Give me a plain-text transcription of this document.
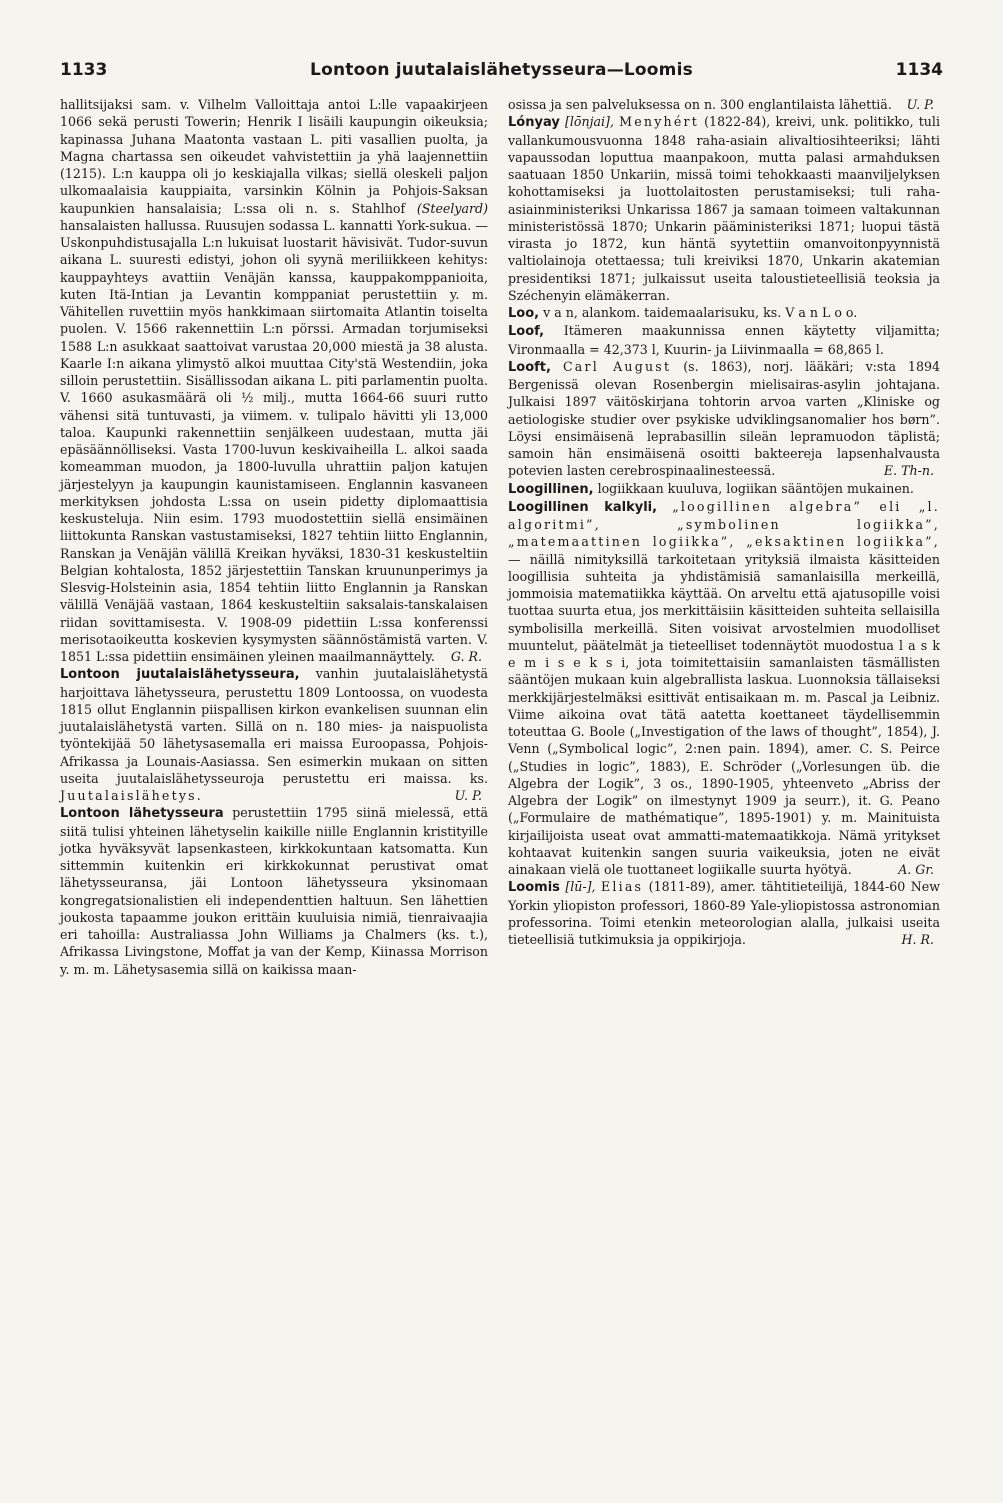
1133	Lontoon juutalaislähetysseura—Loomis	1134

hallitsijaksi sam. v. Vilhelm Valloittaja antoi L:lle vapaakirjeen 1066 sekä perusti Towerin; Henrik I lisäili kaupungin oikeuksia; kapinassa Juhana Maatonta vastaan L. piti vasallien puolta, ja Magna chartassa sen oikeudet vahvistettiin ja yhä laajennettiin (1215). L:n kauppa oli jo keskiajalla vilkas; siellä oleskeli paljon ulkomaalaisia kauppiaita, varsinkin Kölnin ja Pohjois-Saksan kaupunkien hansalaisia; L:ssa oli n. s. Stahlhof (Steelyard) hansalaisten hallussa. Ruusujen sodassa L. kannatti York-sukua. — Uskonpuhdistusajalla L:n lukuisat luostarit hävisivät. Tudor-suvun aikana L. suuresti edistyi, johon oli syynä meriliikkeen kehitys: kauppayhteys avattiin Venäjän kanssa, kauppakomppanioita, kuten Itä-Intian ja Levantin komppaniat perustettiin y. m. Vähitellen ruvettiin myös hankkimaan siirtomaita Atlantin toiselta puolen. V. 1566 rakennettiin L:n pörssi. Armadan torjumiseksi 1588 L:n asukkaat saattoivat varustaa 20,000 miestä ja 38 alusta. Kaarle I:n aikana ylimystö alkoi muuttaa City'stä Westendiin, joka silloin perustettiin. Sisällissodan aikana L. piti parlamentin puolta. V. 1660 asukasmäärä oli ½ milj., mutta 1664-66 suuri rutto vähensi sitä tuntuvasti, ja viimem. v. tulipalo hävitti yli 13,000 taloa. Kaupunki rakennettiin senjälkeen uudestaan, mutta jäi epäsäännölliseksi. Vasta 1700-luvun keskivaiheilla L. alkoi saada komeamman muodon, ja 1800-luvulla uhrattiin paljon katujen järjestelyyn ja kaupungin kaunistamiseen. Englannin kasvaneen merkityksen johdosta L:ssa on usein pidetty diplomaattisia keskusteluja. Niin esim. 1793 muodostettiin siellä ensimäinen liittokunta Ranskan vastustamiseksi, 1827 tehtiin liitto Englannin, Ranskan ja Venäjän välillä Kreikan hyväksi, 1830-31 keskusteltiin Belgian kohtalosta, 1852 järjestettiin Tanskan kruununperimys ja Slesvig-Holsteinin asia, 1854 tehtiin liitto Englannin ja Ranskan välillä Venäjää vastaan, 1864 keskusteltiin saksalais-tanskalaisen riidan sovittamisesta. V. 1908-09 pidettiin L:ssa konferenssi merisotaoikeutta koskevien kysymysten säännöstämistä varten. V. 1851 L:ssa pidettiin ensimäinen yleinen maailmannäyttely. G. R.

Lontoon juutalaislähetysseura, vanhin juutalaislähetystä harjoittava lähetysseura, perustettu 1809 Lontoossa, on vuodesta 1815 ollut Englannin piispallisen kirkon evankelisen suunnan elin juutalaislähetystä varten. Sillä on n. 180 mies- ja naispuolista työntekijää 50 lähetysasemalla eri maissa Euroopassa, Pohjois-Afrikassa ja Lounais-Aasiassa. Sen esimerkin mukaan on sitten useita juutalaislähetysseuroja perustettu eri maissa. ks. Juutalaislähetys.	U. P.

Lontoon lähetysseura perustettiin 1795 siinä mielessä, että siitä tulisi yhteinen lähetyselin kaikille niille Englannin kristityille jotka hyväksyvät lapsenkasteen, kirkkokuntaan katsomatta. Kun sittemmin kuitenkin eri kirkkokunnat perustivat omat lähetysseuransa, jäi Lontoon lähetysseura yksinomaan kongregatsionalistien eli independenttien haltuun. Sen lähettien joukosta tapaamme joukon erittäin kuuluisia nimiä, tienraivaajia eri tahoilla: Australiassa John Williams ja Chalmers (ks. t.), Afrikassa Livingstone, Moffat ja van der Kemp, Kiinassa Morrison y. m. m. Lähetysasemia sillä on kaikissa maan-

osissa ja sen palveluksessa on n. 300 englantilaista lähettiä. U. P.

Lónyay [lōnjai], Menyhért (1822-84), kreivi, unk. politikko, tuli vallankumousvuonna 1848 raha-asiain alivaltiosihteeriksi; lähti vapaussodan loputtua maanpakoon, mutta palasi armahduksen saatuaan 1850 Unkariin, missä toimi tehokkaasti maanviljelyksen kohottamiseksi ja luottolaitosten perustamiseksi; tuli raha-asiainministeriksi Unkarissa 1867 ja samaan toimeen valtakunnan ministeristössä 1870; Unkarin pääministeriksi 1871; luopui tästä virasta jo 1872, kun häntä syytettiin omanvoitonpyynnistä valtiolainoja otettaessa; tuli kreiviksi 1870, Unkarin akatemian presidentiksi 1871; julkaissut useita taloustieteellisiä teoksia ja Széchenyin elämäkerran.

Loo, v a n, alankom. taidemaalarisuku, ks. V a n L o o.

Loof, Itämeren maakunnissa ennen käytetty viljamitta; Vironmaalla = 42,373 l, Kuurin- ja Liivinmaalla = 68,865 l.

Looft, Carl August (s. 1863), norj. lääkäri; v:sta 1894 Bergenissä olevan Rosenbergin mielisairas-asylin johtajana. Julkaisi 1897 väitöskirjana tohtorin arvoa varten „Kliniske og aetiologiske studier over psykiske udviklingsanomalier hos børn”. Löysi ensimäisenä leprabasillin sileän lepramuodon täplistä; samoin hän ensimäisenä osoitti bakteereja lapsenhalvausta potevien lasten cerebrospinaalinesteessä.	E. Th-n.

Loogillinen, logiikkaan kuuluva, logiikan sääntöjen mukainen.

Loogillinen kalkyli, „loogillinen algebra” eli „l. algoritmi”, „symbolinen logiikka”, „matemaattinen logiikka”, „eksaktinen logiikka”, — näillä nimityksillä tarkoitetaan yrityksiä ilmaista käsitteiden loogillisia suhteita ja yhdistämisiä samanlaisilla merkeillä, jommoisia matematiikka käyttää. On arveltu että ajatusopille voisi tuottaa suurta etua, jos merkittäisiin käsitteiden suhteita sellaisilla symbolisilla merkeillä. Siten voisivat arvostelmien muodolliset muuntelut, päätelmät ja tieteelliset todennäytöt muodostua l a s k e m i s e k s i, jota toimitettaisiin samanlaisten täsmällisten sääntöjen mukaan kuin algebrallista laskua. Luonnoksia tällaiseksi merkkijärjestelmäksi esittivät entisaikaan m. m. Pascal ja Leibniz. Viime aikoina ovat tätä aatetta koettaneet täydellisemmin toteuttaa G. Boole („Investigation of the laws of thought”, 1854), J. Venn („Symbolical logic”, 2:nen pain. 1894), amer. C. S. Peirce („Studies in logic”, 1883), E. Schröder („Vorlesungen üb. die Algebra der Logik”, 3 os., 1890-1905, yhteenveto „Abriss der Algebra der Logik” on ilmestynyt 1909 ja seurr.), it. G. Peano („Formulaire de mathématique”, 1895-1901) y. m. Mainituista kirjailijoista useat ovat ammatti-matemaatikkoja. Nämä yritykset kohtaavat kuitenkin sangen suuria vaikeuksia, joten ne eivät ainakaan vielä ole tuottaneet logiikalle suurta hyötyä.	A. Gr.

Loomis [lū-], Elias (1811-89), amer. tähtitieteilijä, 1844-60 New Yorkin yliopiston professori, 1860-89 Yale-yliopistossa astronomian professorina. Toimi etenkin meteorologian alalla, julkaisi useita tieteellisiä tutkimuksia ja oppikirjoja.	H. R.
